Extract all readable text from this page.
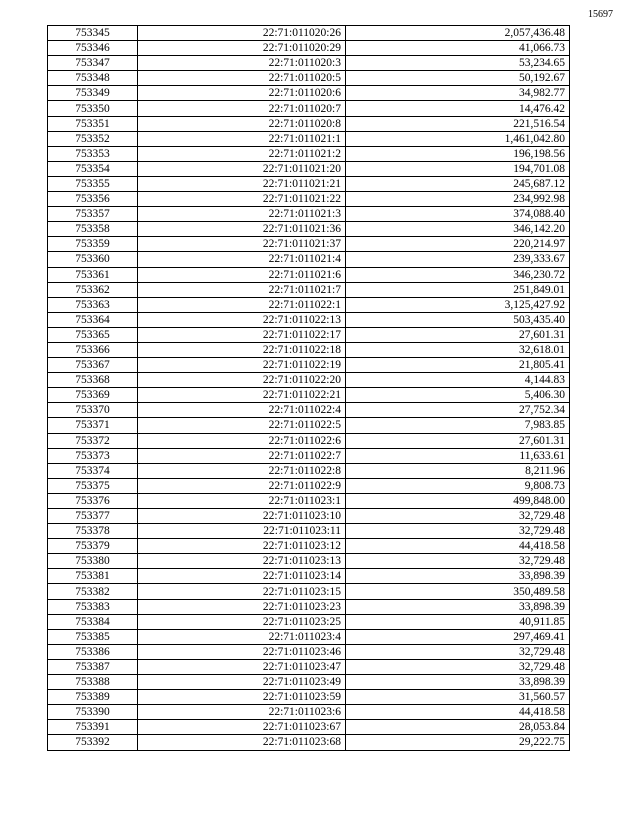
15697
753345	22:71:011020:26	2,057,436.48
753346	22:71:011020:29	41,066.73
753347	22:71:011020:3	53,234.65
753348	22:71:011020:5	50,192.67
753349	22:71:011020:6	34,982.77
753350	22:71:011020:7	14,476.42
753351	22:71:011020:8	221,516.54
753352	22:71:011021:1	1,461,042.80
753353	22:71:011021:2	196,198.56
753354	22:71:011021:20	194,701.08
753355	22:71:011021:21	245,687.12
753356	22:71:011021:22	234,992.98
753357	22:71:011021:3	374,088.40
753358	22:71:011021:36	346,142.20
753359	22:71:011021:37	220,214.97
753360	22:71:011021:4	239,333.67
753361	22:71:011021:6	346,230.72
753362	22:71:011021:7	251,849.01
753363	22:71:011022:1	3,125,427.92
753364	22:71:011022:13	503,435.40
753365	22:71:011022:17	27,601.31
753366	22:71:011022:18	32,618.01
753367	22:71:011022:19	21,805.41
753368	22:71:011022:20	4,144.83
753369	22:71:011022:21	5,406.30
753370	22:71:011022:4	27,752.34
753371	22:71:011022:5	7,983.85
753372	22:71:011022:6	27,601.31
753373	22:71:011022:7	11,633.61
753374	22:71:011022:8	8,211.96
753375	22:71:011022:9	9,808.73
753376	22:71:011023:1	499,848.00
753377	22:71:011023:10	32,729.48
753378	22:71:011023:11	32,729.48
753379	22:71:011023:12	44,418.58
753380	22:71:011023:13	32,729.48
753381	22:71:011023:14	33,898.39
753382	22:71:011023:15	350,489.58
753383	22:71:011023:23	33,898.39
753384	22:71:011023:25	40,911.85
753385	22:71:011023:4	297,469.41
753386	22:71:011023:46	32,729.48
753387	22:71:011023:47	32,729.48
753388	22:71:011023:49	33,898.39
753389	22:71:011023:59	31,560.57
753390	22:71:011023:6	44,418.58
753391	22:71:011023:67	28,053.84
753392	22:71:011023:68	29,222.75
